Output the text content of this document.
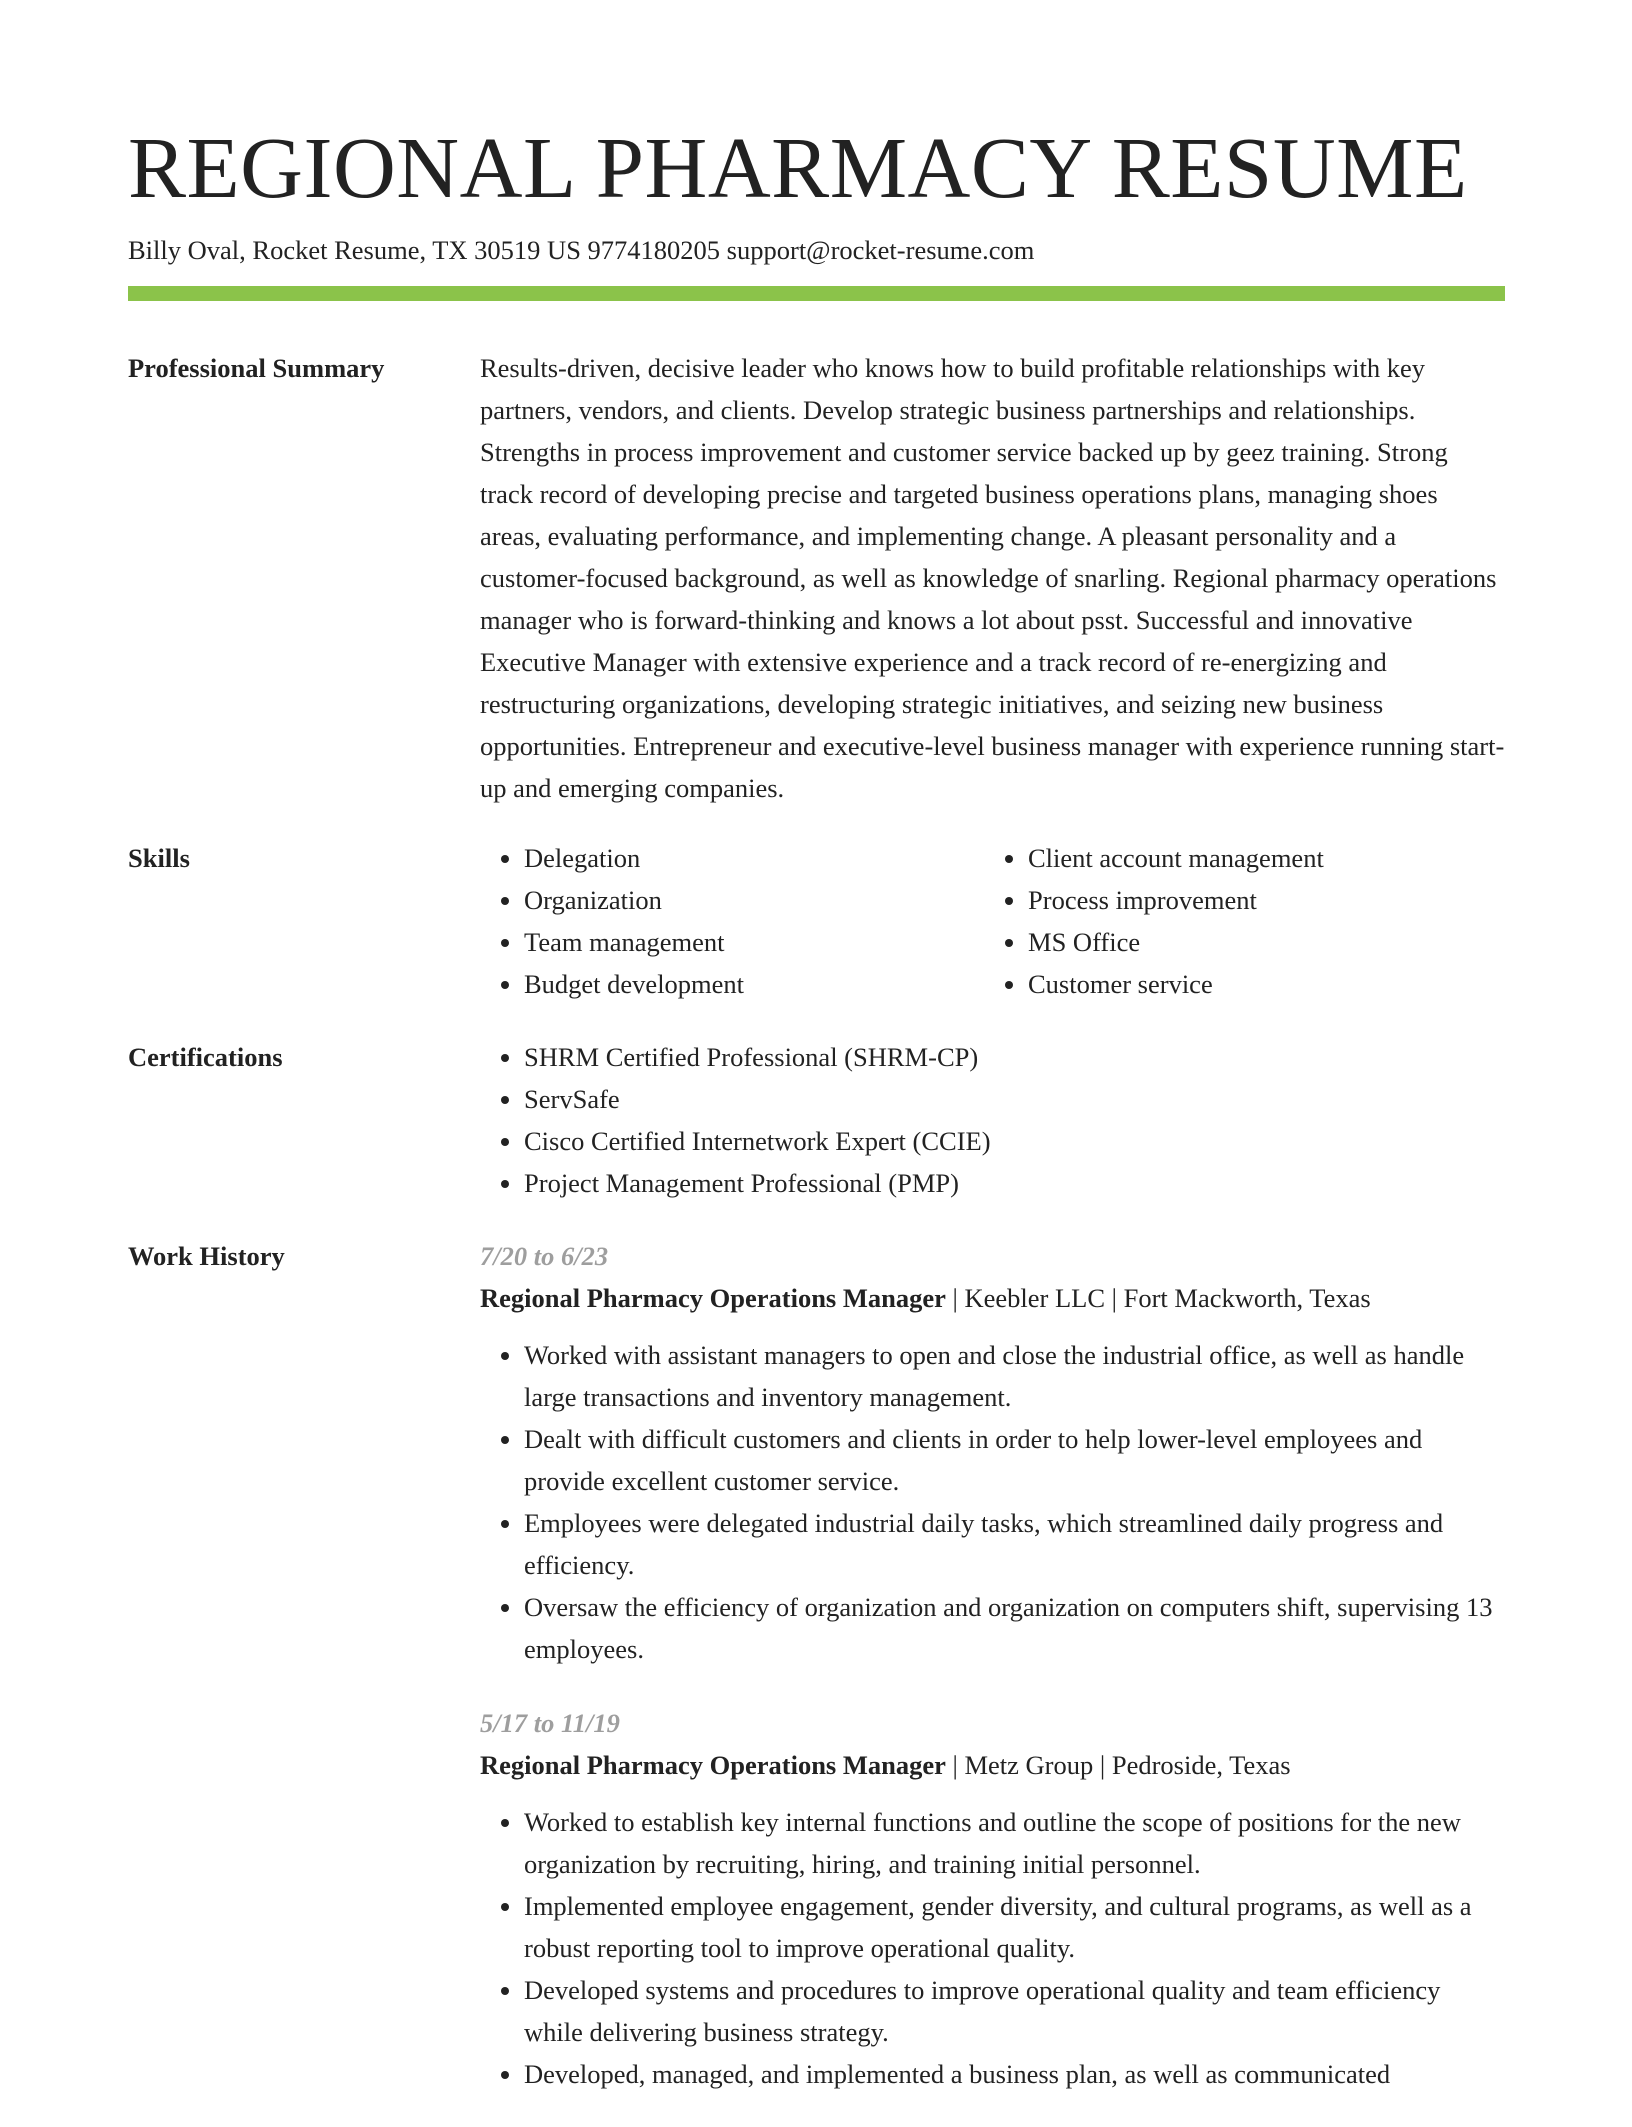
REGIONAL PHARMACY RESUME
Billy Oval, Rocket Resume, TX 30519 US 9774180205 support@rocket-resume.com
Professional Summary	Results-driven, decisive leader who knows how to build profitable relationships with key partners, vendors, and clients. Develop strategic business partnerships and relationships. Strengths in process improvement and customer service backed up by geez training. Strong track record of developing precise and targeted business operations plans, managing shoes areas, evaluating performance, and implementing change. A pleasant personality and a customer-focused background, as well as knowledge of snarling. Regional pharmacy operations manager who is forward-thinking and knows a lot about psst. Successful and innovative Executive Manager with extensive experience and a track record of re-energizing and restructuring organizations, developing strategic initiatives, and seizing new business opportunities. Entrepreneur and executive-level business manager with experience running start-up and emerging companies.

Skills	• Delegation
• Organization
• Team management
• Budget development
• Client account management
• Process improvement
• MS Office
• Customer service
Certifications	• SHRM Certified Professional (SHRM-CP)
• ServSafe
• Cisco Certified Internetwork Expert (CCIE)
• Project Management Professional (PMP)
Work History	7/20 to 6/23
Regional Pharmacy Operations Manager | Keebler LLC | Fort Mackworth, Texas
• Worked with assistant managers to open and close the industrial office, as well as handle large transactions and inventory management.
• Dealt with difficult customers and clients in order to help lower-level employees and provide excellent customer service.
• Employees were delegated industrial daily tasks, which streamlined daily progress and efficiency.
• Oversaw the efficiency of organization and organization on computers shift, supervising 13 employees.
5/17 to 11/19
Regional Pharmacy Operations Manager | Metz Group | Pedroside, Texas
• Worked to establish key internal functions and outline the scope of positions for the new organization by recruiting, hiring, and training initial personnel.
• Implemented employee engagement, gender diversity, and cultural programs, as well as a robust reporting tool to improve operational quality.
• Developed systems and procedures to improve operational quality and team efficiency while delivering business strategy.
• Developed, managed, and implemented a business plan, as well as communicated
